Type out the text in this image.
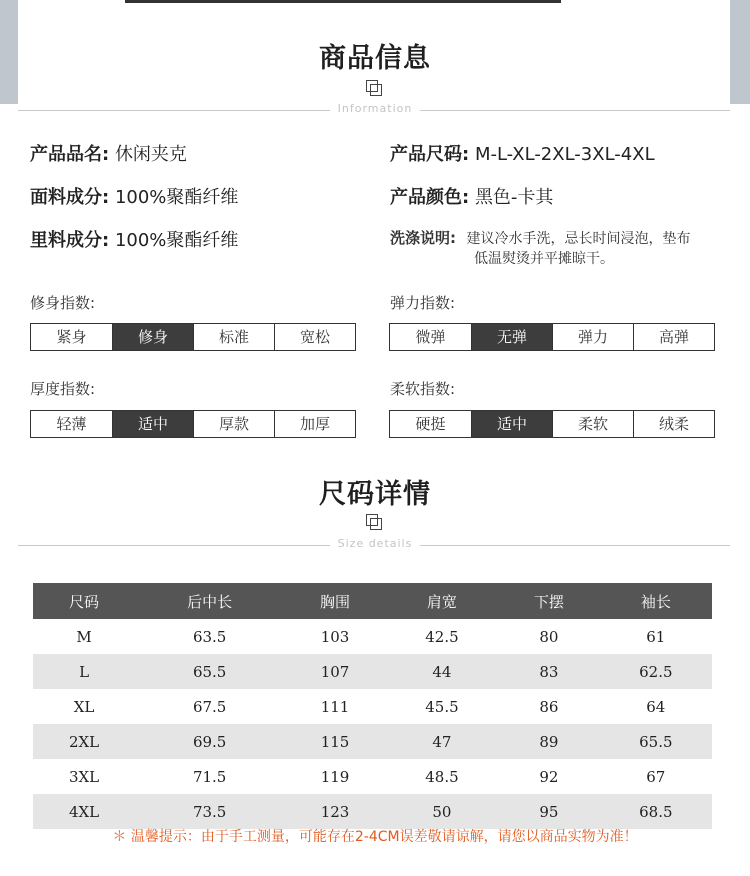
商品信息
Information
产品品名: 休闲夹克	产品尺码: M-L-XL-2XL-3XL-4XL
面料成分: 100%聚酯纤维	产品颜色: 黑色-卡其
里料成分: 100%聚酯纤维	洗涤说明: 建议冷水手洗，忌长时间浸泡，垫布
低温熨烫并平摊晾干。
修身指数:
紧身	修身	标准	宽松
弹力指数:
微弹	无弹	弹力	高弹
厚度指数:
轻薄	适中	厚款	加厚
柔软指数:
硬挺	适中	柔软	绒柔
尺码详情
Size details
尺码	后中长	胸围	肩宽	下摆	袖长
M	63.5	103	42.5	80	61
L	65.5	107	44	83	62.5
XL	67.5	111	45.5	86	64
2XL	69.5	115	47	89	65.5
3XL	71.5	119	48.5	92	67
4XL	73.5	123	50	95	68.5
＊ 温馨提示：由于手工测量，可能存在2-4CM误差敬请谅解，请您以商品实物为准！
